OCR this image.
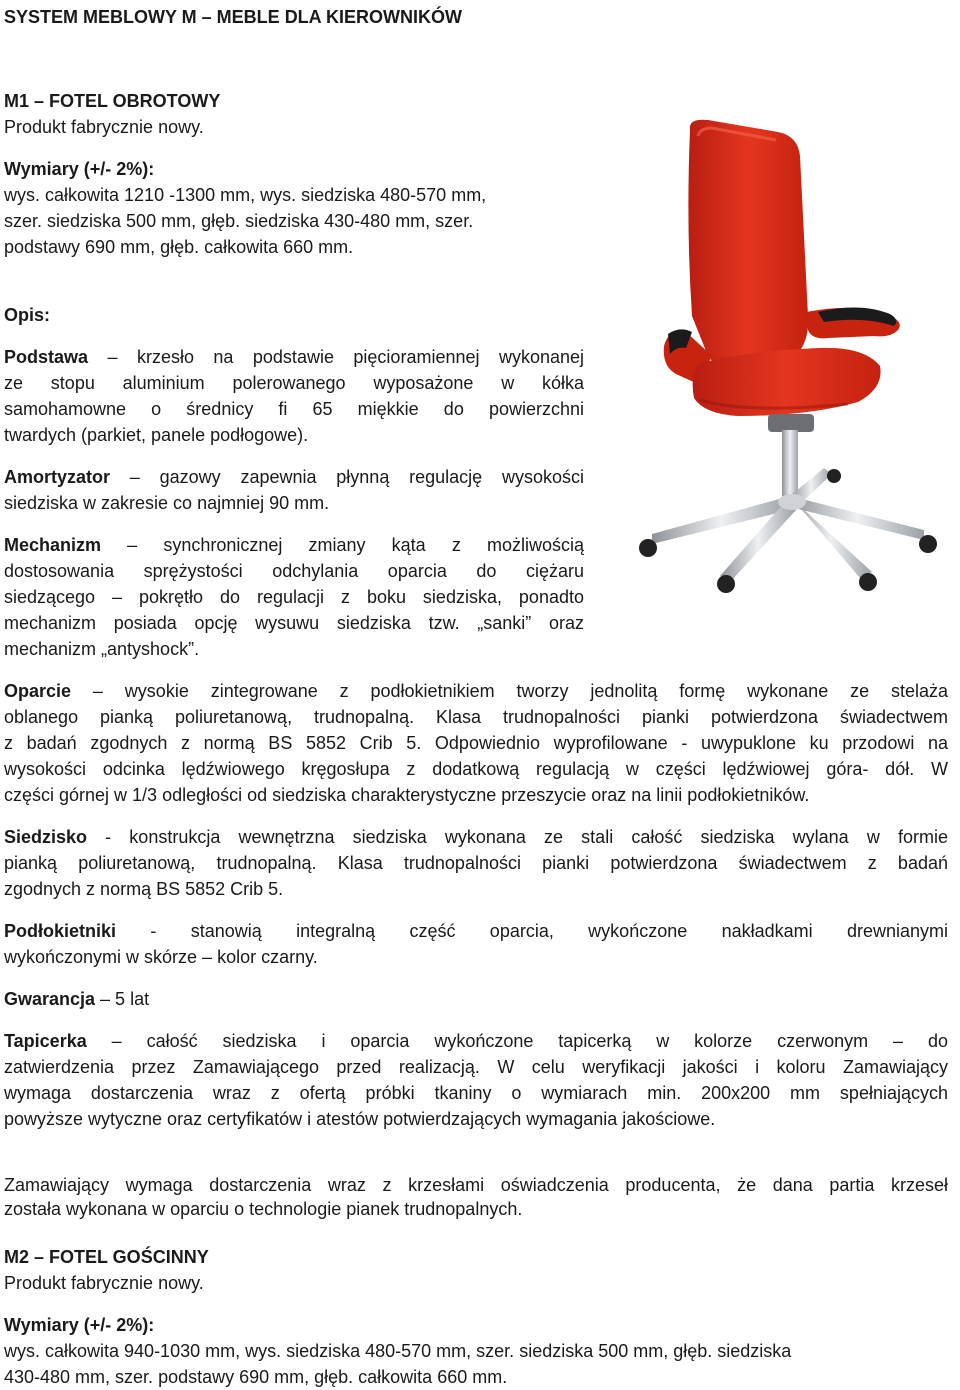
SYSTEM MEBLOWY M – MEBLE DLA KIEROWNIKÓW
M1 – FOTEL OBROTOWY
Produkt fabrycznie nowy.
Wymiary (+/- 2%):
wys. całkowita 1210 -1300 mm, wys. siedziska 480-570 mm,
szer. siedziska 500 mm, głęb. siedziska 430-480 mm, szer.
podstawy 690 mm, głęb. całkowita 660 mm.
Opis:
Podstawa – krzesło na podstawie pięcioramiennej wykonanej
ze stopu aluminium polerowanego wyposażone w kółka
samohamowne o średnicy fi 65 miękkie do powierzchni
twardych (parkiet, panele podłogowe).
Amortyzator – gazowy zapewnia płynną regulację wysokości
siedziska w zakresie co najmniej 90 mm.
Mechanizm – synchronicznej zmiany kąta z możliwością
dostosowania sprężystości odchylania oparcia do ciężaru
siedzącego – pokrętło do regulacji z boku siedziska, ponadto
mechanizm posiada opcję wysuwu siedziska tzw. „sanki” oraz
mechanizm „antyshock”.
Oparcie – wysokie zintegrowane z podłokietnikiem tworzy jednolitą formę wykonane ze stelaża
oblanego pianką poliuretanową, trudnopalną. Klasa trudnopalności pianki potwierdzona świadectwem
z badań zgodnych z normą BS 5852 Crib 5. Odpowiednio wyprofilowane - uwypuklone ku przodowi na
wysokości odcinka lędźwiowego kręgosłupa z dodatkową regulacją w części lędźwiowej góra- dół. W
części górnej w 1/3 odległości od siedziska charakterystyczne przeszycie oraz na linii podłokietników.
Siedzisko - konstrukcja wewnętrzna siedziska wykonana ze stali całość siedziska wylana w formie
pianką poliuretanową, trudnopalną. Klasa trudnopalności pianki potwierdzona świadectwem z badań
zgodnych z normą BS 5852 Crib 5.
Podłokietniki - stanowią integralną część oparcia, wykończone nakładkami drewnianymi
wykończonymi w skórze – kolor czarny.
Gwarancja – 5 lat
Tapicerka – całość siedziska i oparcia wykończone tapicerką w kolorze czerwonym – do
zatwierdzenia przez Zamawiającego przed realizacją. W celu weryfikacji jakości i koloru Zamawiający
wymaga dostarczenia wraz z ofertą próbki tkaniny o wymiarach min. 200x200 mm spełniających
powyższe wytyczne oraz certyfikatów i atestów potwierdzających wymagania jakościowe.
Zamawiający wymaga dostarczenia wraz z krzesłami oświadczenia producenta, że dana partia krzeseł
została wykonana w oparciu o technologie pianek trudnopalnych.
M2 – FOTEL GOŚCINNY
Produkt fabrycznie nowy.
Wymiary (+/- 2%):
wys. całkowita 940-1030 mm, wys. siedziska 480-570 mm, szer. siedziska 500 mm, głęb. siedziska
430-480 mm, szer. podstawy 690 mm, głęb. całkowita 660 mm.
